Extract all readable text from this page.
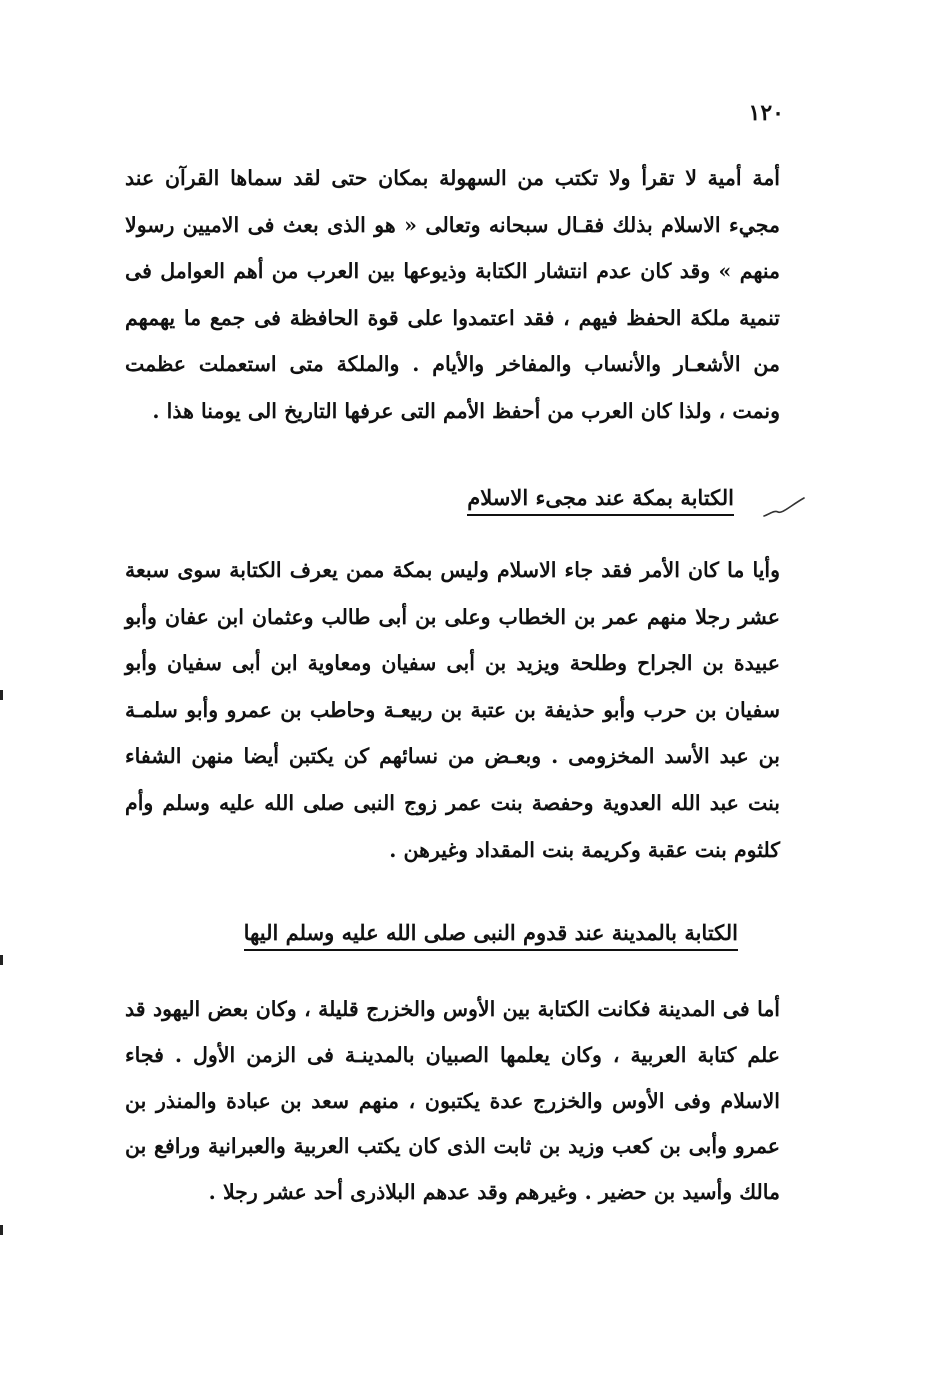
١٢٠

أمة أمية لا تقرأ ولا تكتب من السهولة بمكان حتى لقد سماها القرآن عند مجيء الاسلام بذلك فقـال سبحانه وتعالى « هو الذى بعث فى الاميين رسولا منهم » وقد كان عدم انتشار الكتابة وذيوعها بين العرب من أهم العوامل فى تنمية ملكة الحفظ فيهم ، فقد اعتمدوا على قوة الحافظة فى جمع ما يهمهم من الأشعـار والأنساب والمفاخر والأيام . والملكة متى استعملت عظمت ونمت ، ولذا كان العرب من أحفظ الأمم التى عرفها التاريخ الى يومنا هذا .

الكتابة بمكة عند مجىء الاسلام

وأيا ما كان الأمر فقد جاء الاسلام وليس بمكة ممن يعرف الكتابة سوى سبعة عشر رجلا منهم عمر بن الخطاب وعلى بن أبى طالب وعثمان ابن عفان وأبو عبيدة بن الجراح وطلحة ويزيد بن أبى سفيان ومعاوية ابن أبى سفيان وأبو سفيان بن حرب وأبو حذيفة بن عتبة بن ربيعـة وحاطب بن عمرو وأبو سلمـة بن عبد الأسد المخزومى . وبعـض من نسائهم كن يكتبن أيضا منهن الشفاء بنت عبد الله العدوية وحفصة بنت عمر زوج النبى صلى الله عليه وسلم وأم كلثوم بنت عقبة وكريمة بنت المقداد وغيرهن .

الكتابة بالمدينة عند قدوم النبى صلى الله عليه وسلم اليها

أما فى المدينة فكانت الكتابة بين الأوس والخزرج قليلة ، وكان بعض اليهود قد علم كتابة العربية ، وكان يعلمها الصبيان بالمدينـة فى الزمن الأول . فجاء الاسلام وفى الأوس والخزرج عدة يكتبون ، منهم سعد بن عبادة والمنذر بن عمرو وأبى بن كعب وزيد بن ثابت الذى كان يكتب العربية والعبرانية ورافع بن مالك وأسيد بن حضير . وغيرهم وقد عدهم البلاذرى أحد عشر رجلا .
